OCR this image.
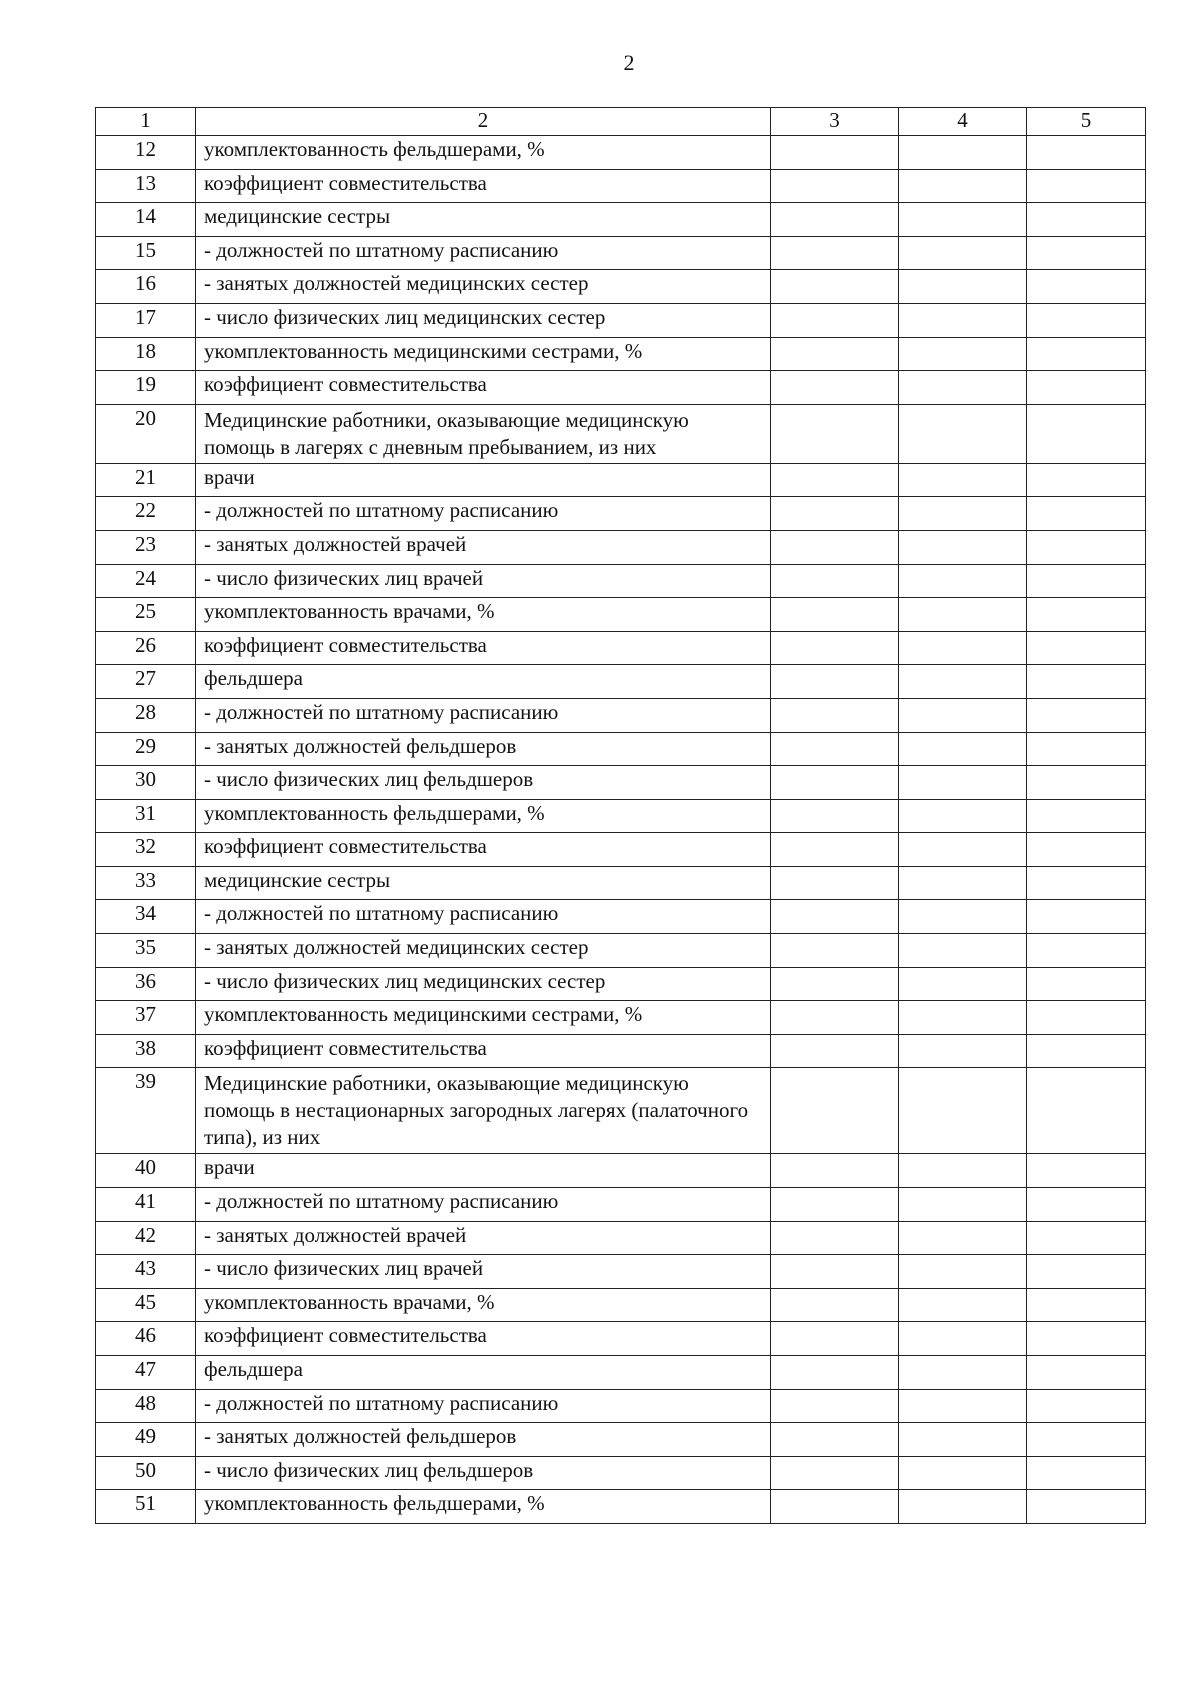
2
1	2	3	4	5
12	укомплектованность фельдшерами, %			
13	коэффициент совместительства			
14	медицинские сестры			
15	- должностей по штатному расписанию			
16	- занятых должностей медицинских сестер			
17	- число физических лиц медицинских сестер			
18	укомплектованность медицинскими сестрами, %			
19	коэффициент совместительства			
20	Медицинские работники, оказывающие медицинскую помощь в лагерях с дневным пребыванием, из них			
21	врачи			
22	- должностей по штатному расписанию			
23	- занятых должностей врачей			
24	- число физических лиц врачей			
25	укомплектованность врачами, %			
26	коэффициент совместительства			
27	фельдшера			
28	- должностей по штатному расписанию			
29	- занятых должностей фельдшеров			
30	- число физических лиц фельдшеров			
31	укомплектованность фельдшерами, %			
32	коэффициент совместительства			
33	медицинские сестры			
34	- должностей по штатному расписанию			
35	- занятых должностей медицинских сестер			
36	- число физических лиц медицинских сестер			
37	укомплектованность медицинскими сестрами, %			
38	коэффициент совместительства			
39	Медицинские работники, оказывающие медицинскую помощь в нестационарных загородных лагерях (палаточного типа), из них			
40	врачи			
41	- должностей по штатному расписанию			
42	- занятых должностей врачей			
43	- число физических лиц врачей			
45	укомплектованность врачами, %			
46	коэффициент совместительства			
47	фельдшера			
48	- должностей по штатному расписанию			
49	- занятых должностей фельдшеров			
50	- число физических лиц фельдшеров			
51	укомплектованность фельдшерами, %			
